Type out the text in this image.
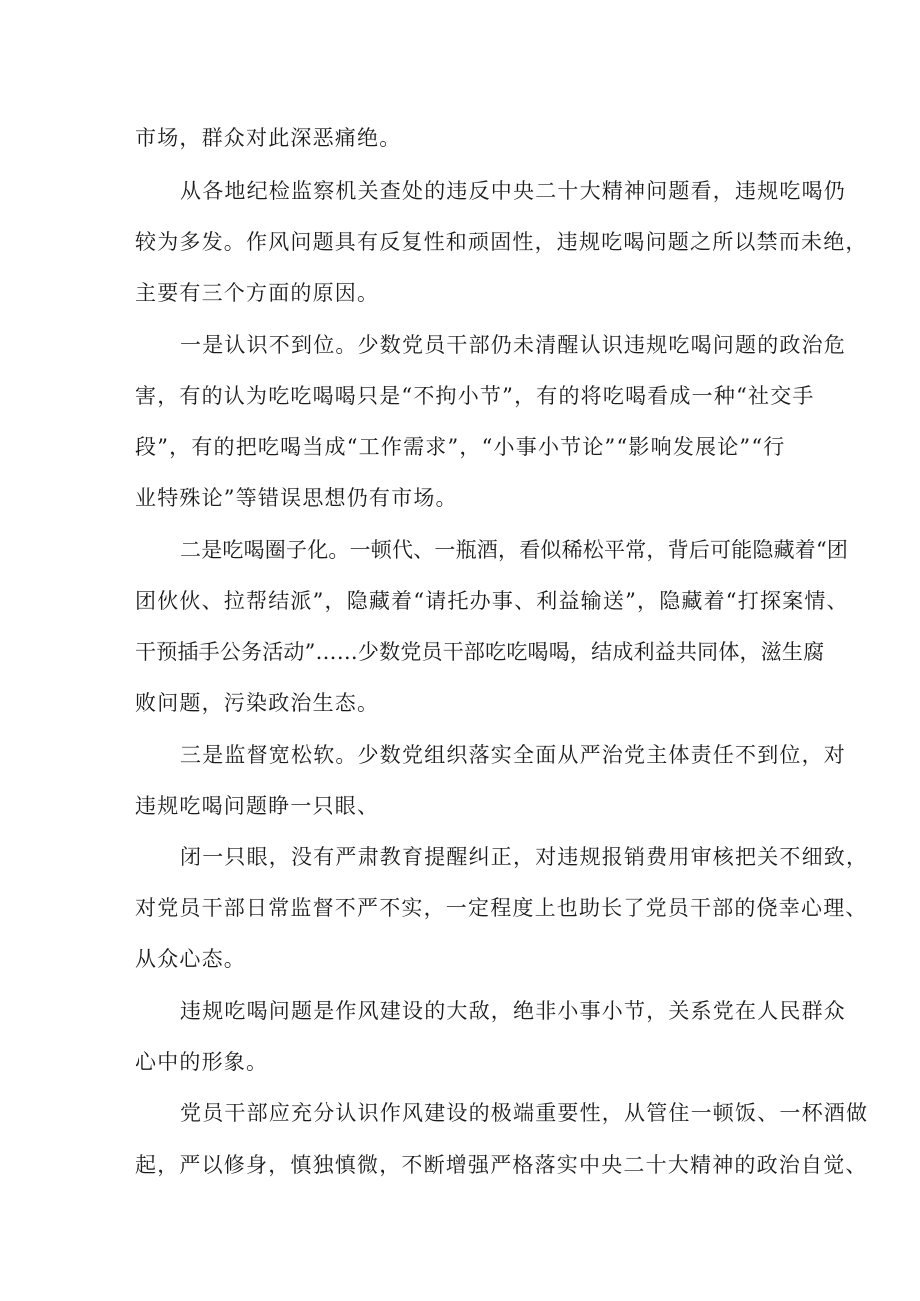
市场，群众对此深恶痛绝。
从各地纪检监察机关查处的违反中央二十大精神问题看，违规吃喝仍
较为多发。作风问题具有反复性和顽固性，违规吃喝问题之所以禁而未绝，
主要有三个方面的原因。
一是认识不到位。少数党员干部仍未清醒认识违规吃喝问题的政治危
害，有的认为吃吃喝喝只是“不拘小节”，有的将吃喝看成一种“社交手
段”，有的把吃喝当成“工作需求”，“小事小节论”“影响发展论”“行
业特殊论”等错误思想仍有市场。
二是吃喝圈子化。一顿代、一瓶酒，看似稀松平常，背后可能隐藏着“团
团伙伙、拉帮结派”，隐藏着“请托办事、利益输送”，隐藏着“打探案情、
干预插手公务活动”……少数党员干部吃吃喝喝，结成利益共同体，滋生腐
败问题，污染政治生态。
三是监督宽松软。少数党组织落实全面从严治党主体责任不到位，对
违规吃喝问题睁一只眼、
闭一只眼，没有严肃教育提醒纠正，对违规报销费用审核把关不细致，
对党员干部日常监督不严不实，一定程度上也助长了党员干部的侥幸心理、
从众心态。
违规吃喝问题是作风建设的大敌，绝非小事小节，关系党在人民群众
心中的形象。
党员干部应充分认识作风建设的极端重要性，从管住一顿饭、一杯酒做
起，严以修身，慎独慎微，不断增强严格落实中央二十大精神的政治自觉、
